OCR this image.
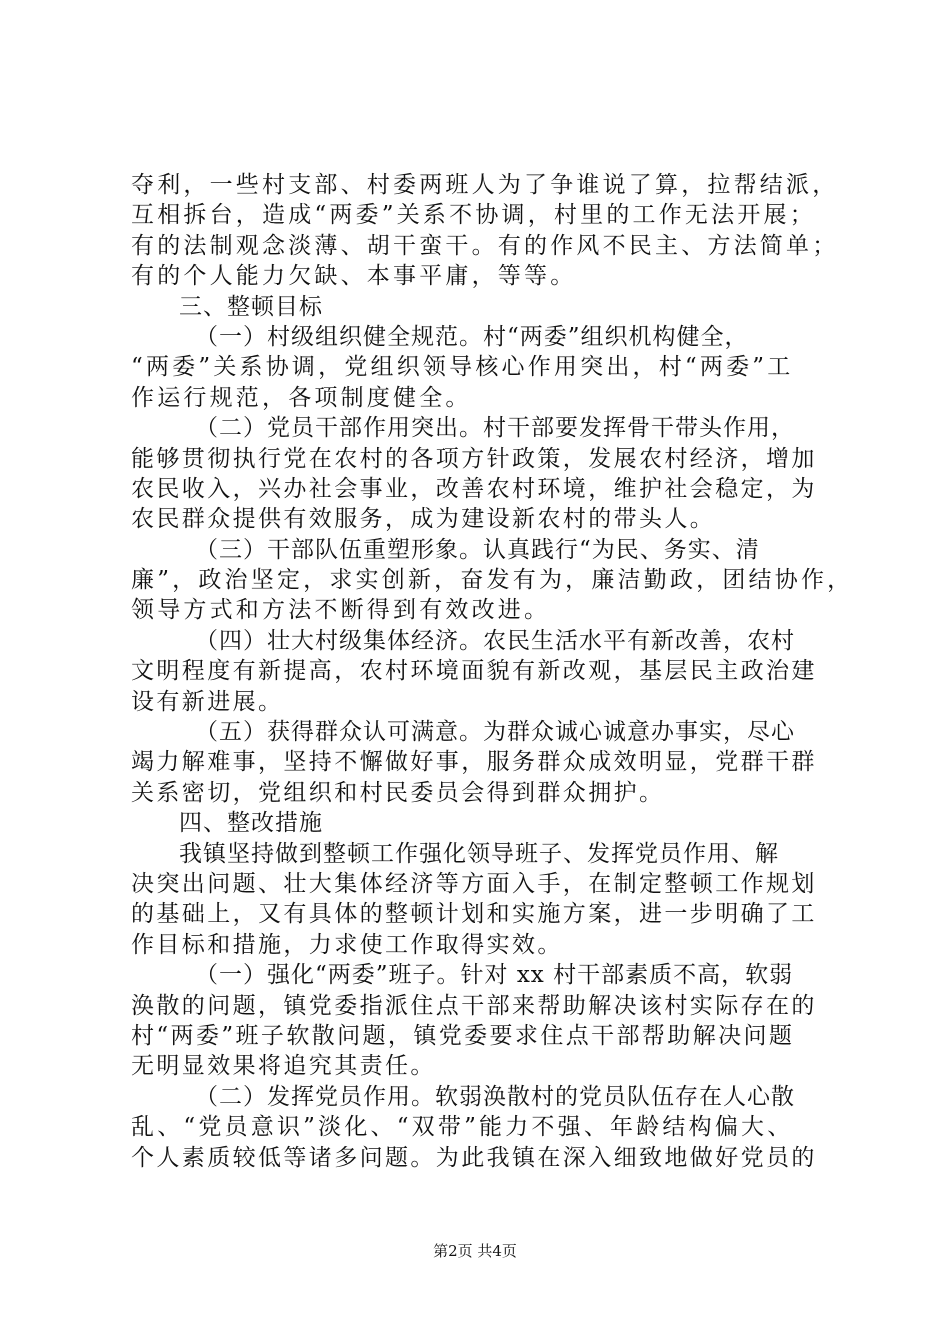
夺利，一些村支部、村委两班人为了争谁说了算，拉帮结派，
互相拆台，造成“两委”关系不协调，村里的工作无法开展；
有的法制观念淡薄、胡干蛮干。有的作风不民主、方法简单；
有的个人能力欠缺、本事平庸，等等。
三、整顿目标
（一）村级组织健全规范。村“两委”组织机构健全，
“两委”关系协调，党组织领导核心作用突出，村“两委”工
作运行规范，各项制度健全。
（二）党员干部作用突出。村干部要发挥骨干带头作用，
能够贯彻执行党在农村的各项方针政策，发展农村经济，增加
农民收入，兴办社会事业，改善农村环境，维护社会稳定，为
农民群众提供有效服务，成为建设新农村的带头人。
（三）干部队伍重塑形象。认真践行“为民、务实、清
廉”，政治坚定，求实创新，奋发有为，廉洁勤政，团结协作，
领导方式和方法不断得到有效改进。
（四）壮大村级集体经济。农民生活水平有新改善，农村
文明程度有新提高，农村环境面貌有新改观，基层民主政治建
设有新进展。
（五）获得群众认可满意。为群众诚心诚意办事实，尽心
竭力解难事，坚持不懈做好事，服务群众成效明显，党群干群
关系密切，党组织和村民委员会得到群众拥护。
四、整改措施
我镇坚持做到整顿工作强化领导班子、发挥党员作用、解
决突出问题、壮大集体经济等方面入手，在制定整顿工作规划
的基础上，又有具体的整顿计划和实施方案，进一步明确了工
作目标和措施，力求使工作取得实效。
（一）强化“两委”班子。针对 xx 村干部素质不高，软弱
涣散的问题，镇党委指派住点干部来帮助解决该村实际存在的
村“两委”班子软散问题，镇党委要求住点干部帮助解决问题
无明显效果将追究其责任。
（二）发挥党员作用。软弱涣散村的党员队伍存在人心散
乱、“党员意识”淡化、“双带”能力不强、年龄结构偏大、
个人素质较低等诸多问题。为此我镇在深入细致地做好党员的
第2页 共4页
